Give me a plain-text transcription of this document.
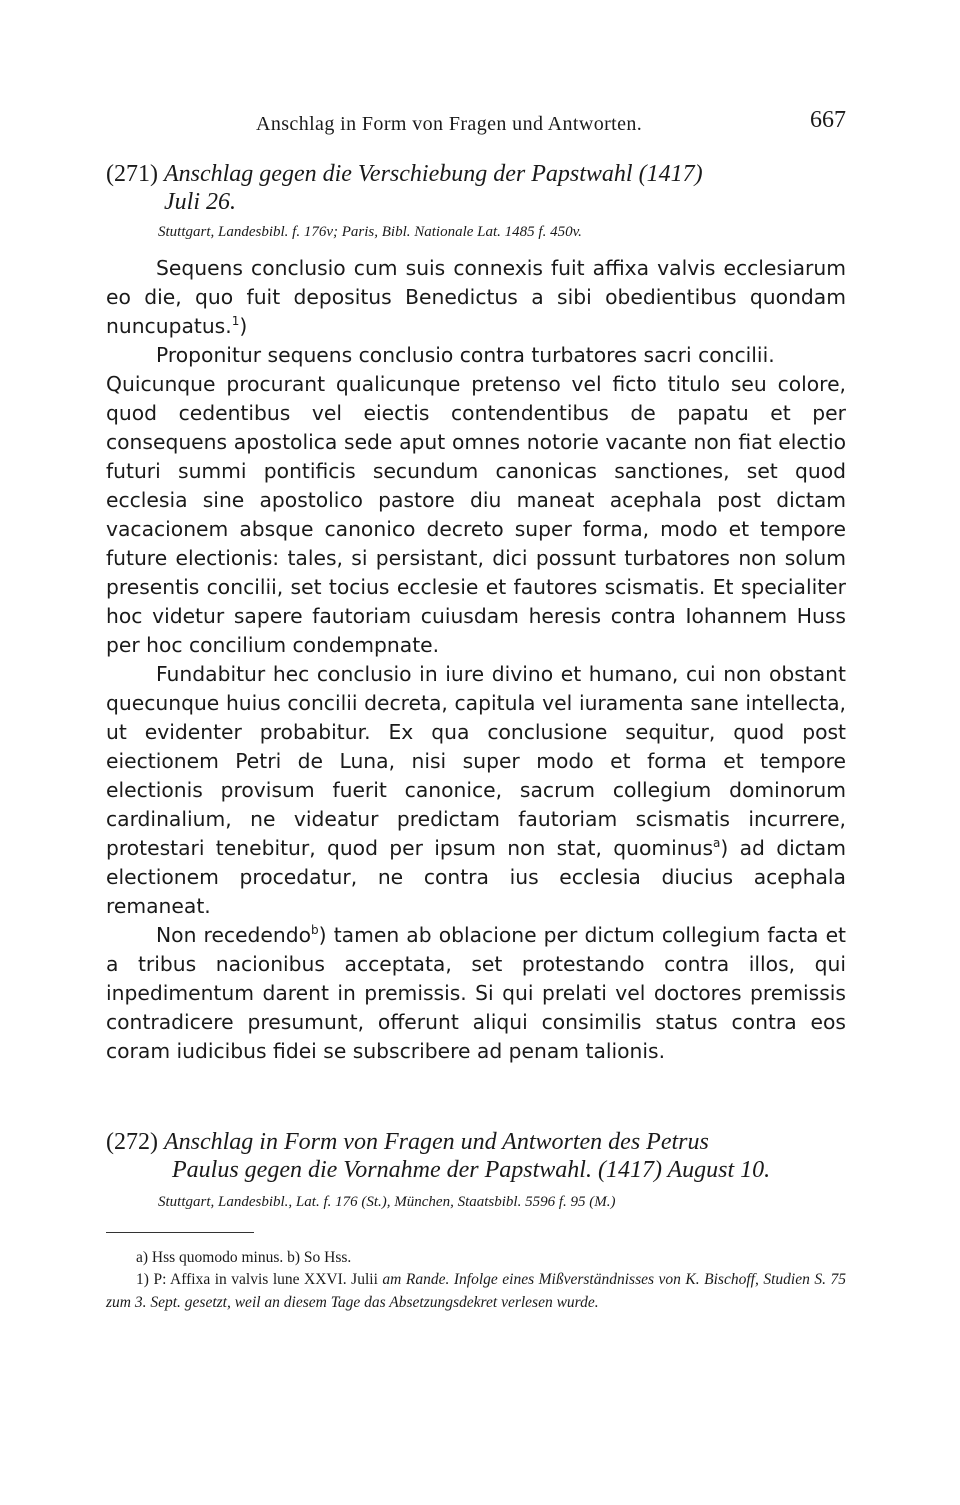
Anschlag in Form von Fragen und Antworten.	667
(271) Anschlag gegen die Verschiebung der Papstwahl (1417)
Juli 26.
Stuttgart, Landesbibl. f. 176v; Paris, Bibl. Nationale Lat. 1485 f. 450v.

Sequens conclusio cum suis connexis fuit affixa valvis ecclesiarum eo die, quo fuit depositus Benedictus a sibi obedientibus quondam nuncupatus.$^1$)

Proponitur sequens conclusio contra turbatores sacri concilii.

Quicunque procurant qualicunque pretenso vel ficto titulo seu colore, quod cedentibus vel eiectis contendentibus de papatu et per consequens apostolica sede aput omnes notorie vacante non fiat electio futuri summi pontificis secundum canonicas sanctiones, set quod ecclesia sine apostolico pastore diu maneat acephala post dictam vacacionem absque canonico decreto super forma, modo et tempore future electionis: tales, si persistant, dici possunt turbatores non solum presentis concilii, set tocius ecclesie et fautores scismatis. Et specialiter hoc videtur sapere fautoriam cuiusdam heresis contra Iohannem Huss per hoc concilium condempnate.

Fundabitur hec conclusio in iure divino et humano, cui non obstant quecunque huius concilii decreta, capitula vel iuramenta sane intellecta, ut evidenter probabitur. Ex qua conclusione sequitur, quod post eiectionem Petri de Luna, nisi super modo et forma et tempore electionis provisum fuerit canonice, sacrum collegium dominorum cardinalium, ne videatur predictam fautoriam scismatis incurrere, protestari tenebitur, quod per ipsum non stat, quominus$^a$) ad dictam electionem procedatur, ne contra ius ecclesia diucius acephala remaneat.

Non recedendo$^b$) tamen ab oblacione per dictum collegium facta et a tribus nacionibus acceptata, set protestando contra illos, qui inpedimentum darent in premissis. Si qui prelati vel doctores premissis contradicere presumunt, offerunt aliqui consimilis status contra eos coram iudicibus fidei se subscribere ad penam talionis.

(272) Anschlag in Form von Fragen und Antworten des Petrus
Paulus gegen die Vornahme der Papstwahl. (1417) August 10.
Stuttgart, Landesbibl., Lat. f. 176 (St.), München, Staatsbibl. 5596 f. 95 (M.)
a) Hss quomodo minus. b) So Hss.

1) P: Affixa in valvis lune XXVI. Julii am Rande. Infolge eines Mißverständnisses von K. Bischoff, Studien S. 75 zum 3. Sept. gesetzt, weil an diesem Tage das Absetzungsdekret verlesen wurde.
